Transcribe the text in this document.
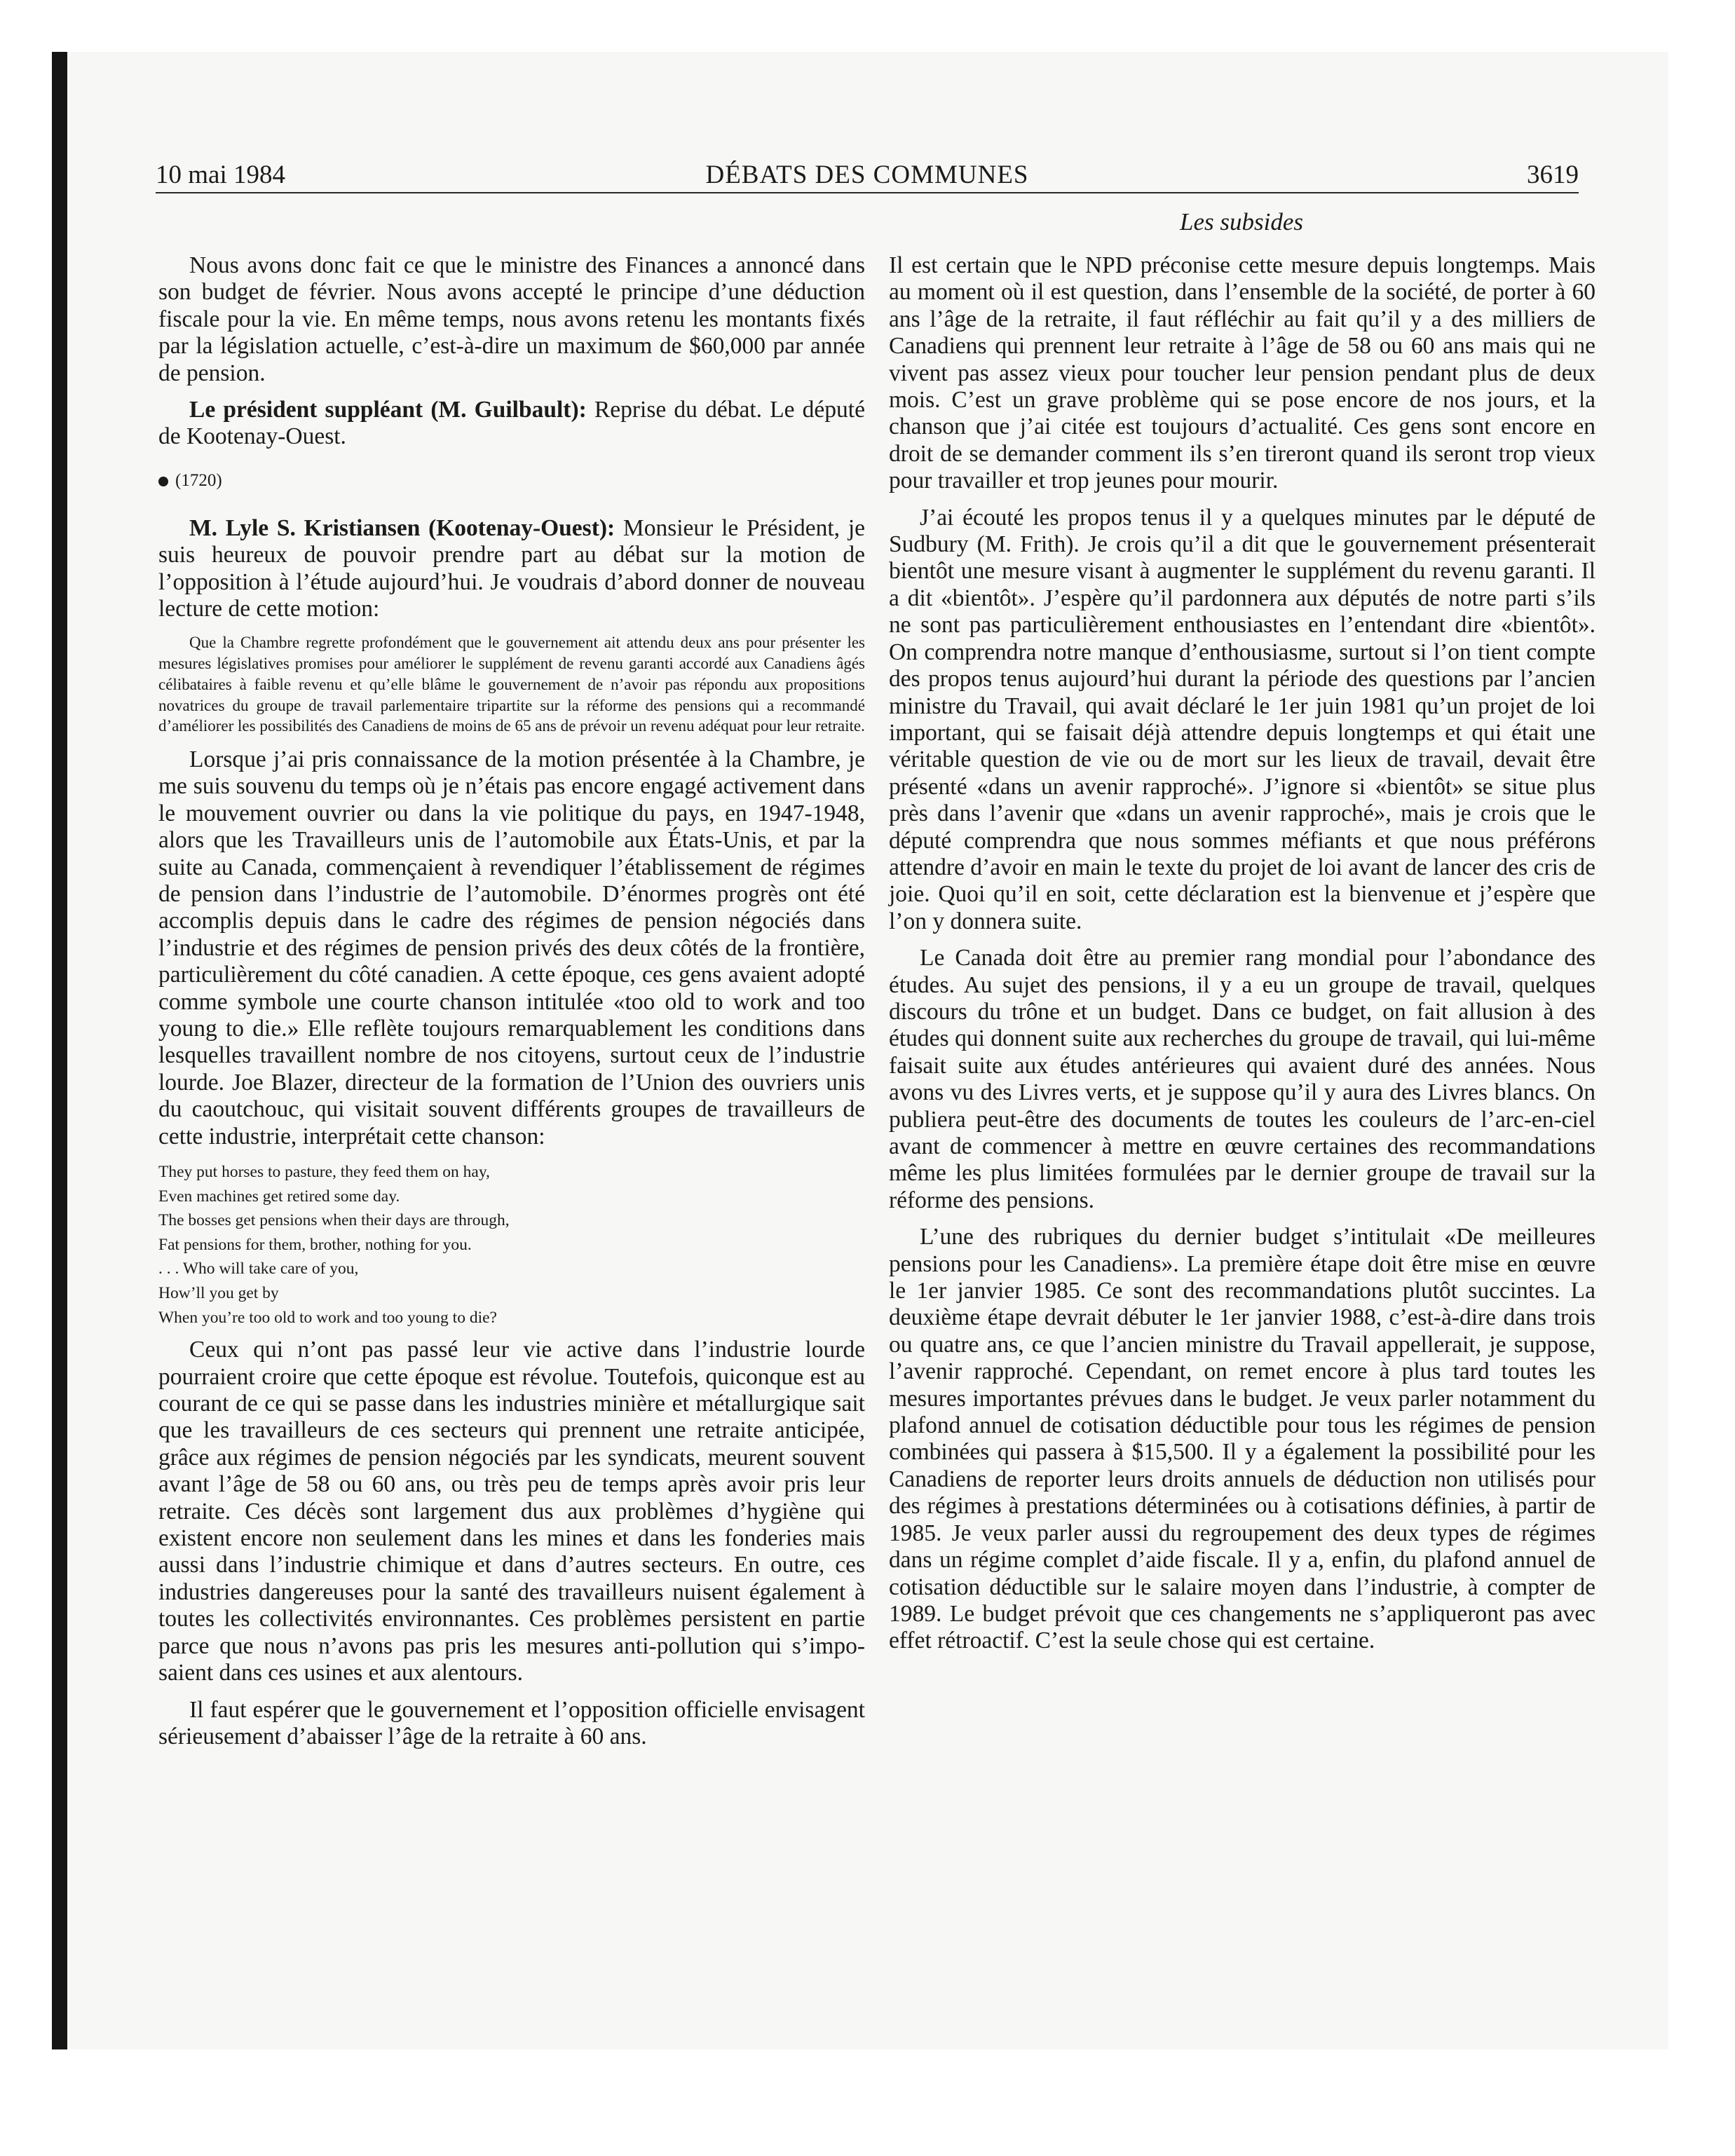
10 mai 1984	DÉBATS DES COMMUNES	3619
Les subsides

Nous avons donc fait ce que le ministre des Finances a annoncé dans son budget de février. Nous avons accepté le principe d’une déduction fiscale pour la vie. En même temps, nous avons retenu les montants fixés par la législation actuelle, c’est-à-dire un maximum de $60,000 par année de pension.

Le président suppléant (M. Guilbault): Reprise du débat. Le député de Kootenay-Ouest.

(1720)

M. Lyle S. Kristiansen (Kootenay-Ouest): Monsieur le Président, je suis heureux de pouvoir prendre part au débat sur la motion de l’opposition à l’étude aujourd’hui. Je voudrais d’abord donner de nouveau lecture de cette motion:

Que la Chambre regrette profondément que le gouvernement ait attendu deux ans pour présenter les mesures législatives promises pour améliorer le supplément de revenu garanti accordé aux Canadiens âgés célibataires à faible revenu et qu’elle blâme le gouvernement de n’avoir pas répondu aux propositions novatrices du groupe de travail parlementaire tripartite sur la réforme des pensions qui a recommandé d’améliorer les possibilités des Canadiens de moins de 65 ans de prévoir un revenu adéquat pour leur retraite.

Lorsque j’ai pris connaissance de la motion présentée à la Chambre, je me suis souvenu du temps où je n’étais pas encore engagé activement dans le mouvement ouvrier ou dans la vie politique du pays, en 1947-1948, alors que les Travailleurs unis de l’automobile aux États-Unis, et par la suite au Canada, commençaient à revendiquer l’établissement de régimes de pension dans l’industrie de l’automobile. D’énormes progrès ont été accomplis depuis dans le cadre des régimes de pension négociés dans l’industrie et des régimes de pension privés des deux côtés de la frontière, particulièrement du côté canadien. A cette époque, ces gens avaient adopté comme symbole une courte chanson intitulée «too old to work and too young to die.» Elle reflète toujours remarquablement les conditions dans lesquelles travaillent nombre de nos citoyens, surtout ceux de l’industrie lourde. Joe Blazer, directeur de la formation de l’Union des ouvriers unis du caoutchouc, qui visitait souvent différents groupes de travailleurs de cette industrie, interprétait cette chanson:

They put horses to pasture, they feed them on hay,
Even machines get retired some day.
The bosses get pensions when their days are through,
Fat pensions for them, brother, nothing for you.
. . . Who will take care of you,
How’ll you get by
When you’re too old to work and too young to die?

Ceux qui n’ont pas passé leur vie active dans l’industrie lourde pourraient croire que cette époque est révolue. Toutefois, quiconque est au courant de ce qui se passe dans les industries minière et métallurgique sait que les travailleurs de ces secteurs qui prennent une retraite anticipée, grâce aux régimes de pension négociés par les syndicats, meurent souvent avant l’âge de 58 ou 60 ans, ou très peu de temps après avoir pris leur retraite. Ces décès sont largement dus aux problèmes d’hygiène qui existent encore non seulement dans les mines et dans les fonderies mais aussi dans l’industrie chimique et dans d’autres secteurs. En outre, ces industries dangereuses pour la santé des travailleurs nuisent également à toutes les collectivités environnantes. Ces problèmes persistent en partie parce que nous n’avons pas pris les mesures anti-pollution qui s’imposaient dans ces usines et aux alentours.

Il faut espérer que le gouvernement et l’opposition officielle envisagent sérieusement d’abaisser l’âge de la retraite à 60 ans.

Il est certain que le NPD préconise cette mesure depuis longtemps. Mais au moment où il est question, dans l’ensemble de la société, de porter à 60 ans l’âge de la retraite, il faut réfléchir au fait qu’il y a des milliers de Canadiens qui prennent leur retraite à l’âge de 58 ou 60 ans mais qui ne vivent pas assez vieux pour toucher leur pension pendant plus de deux mois. C’est un grave problème qui se pose encore de nos jours, et la chanson que j’ai citée est toujours d’actualité. Ces gens sont encore en droit de se demander comment ils s’en tireront quand ils seront trop vieux pour travailler et trop jeunes pour mourir.

J’ai écouté les propos tenus il y a quelques minutes par le député de Sudbury (M. Frith). Je crois qu’il a dit que le gouvernement présenterait bientôt une mesure visant à augmenter le supplément du revenu garanti. Il a dit «bientôt». J’espère qu’il pardonnera aux députés de notre parti s’ils ne sont pas particulièrement enthousiastes en l’entendant dire «bientôt». On comprendra notre manque d’enthousiasme, surtout si l’on tient compte des propos tenus aujourd’hui durant la période des questions par l’ancien ministre du Travail, qui avait déclaré le 1er juin 1981 qu’un projet de loi important, qui se faisait déjà attendre depuis longtemps et qui était une véritable question de vie ou de mort sur les lieux de travail, devait être présenté «dans un avenir rapproché». J’ignore si «bientôt» se situe plus près dans l’avenir que «dans un avenir rapproché», mais je crois que le député comprendra que nous sommes méfiants et que nous préférons attendre d’avoir en main le texte du projet de loi avant de lancer des cris de joie. Quoi qu’il en soit, cette déclaration est la bienvenue et j’espère que l’on y donnera suite.

Le Canada doit être au premier rang mondial pour l’abondance des études. Au sujet des pensions, il y a eu un groupe de travail, quelques discours du trône et un budget. Dans ce budget, on fait allusion à des études qui donnent suite aux recherches du groupe de travail, qui lui-même faisait suite aux études antérieures qui avaient duré des années. Nous avons vu des Livres verts, et je suppose qu’il y aura des Livres blancs. On publiera peut-être des documents de toutes les couleurs de l’arc-en-ciel avant de commencer à mettre en œuvre certaines des recommandations même les plus limitées formulées par le dernier groupe de travail sur la réforme des pensions.

L’une des rubriques du dernier budget s’intitulait «De meilleures pensions pour les Canadiens». La première étape doit être mise en œuvre le 1er janvier 1985. Ce sont des recommandations plutôt succintes. La deuxième étape devrait débuter le 1er janvier 1988, c’est-à-dire dans trois ou quatre ans, ce que l’ancien ministre du Travail appellerait, je suppose, l’avenir rapproché. Cependant, on remet encore à plus tard toutes les mesures importantes prévues dans le budget. Je veux parler notamment du plafond annuel de cotisation déductible pour tous les régimes de pension combinées qui passera à $15,500. Il y a également la possibilité pour les Canadiens de reporter leurs droits annuels de déduction non utilisés pour des régimes à prestations déterminées ou à cotisations définies, à partir de 1985. Je veux parler aussi du regroupement des deux types de régimes dans un régime complet d’aide fiscale. Il y a, enfin, du plafond annuel de cotisation déductible sur le salaire moyen dans l’industrie, à compter de 1989. Le budget prévoit que ces changements ne s’appliqueront pas avec effet rétroactif. C’est la seule chose qui est certaine.
